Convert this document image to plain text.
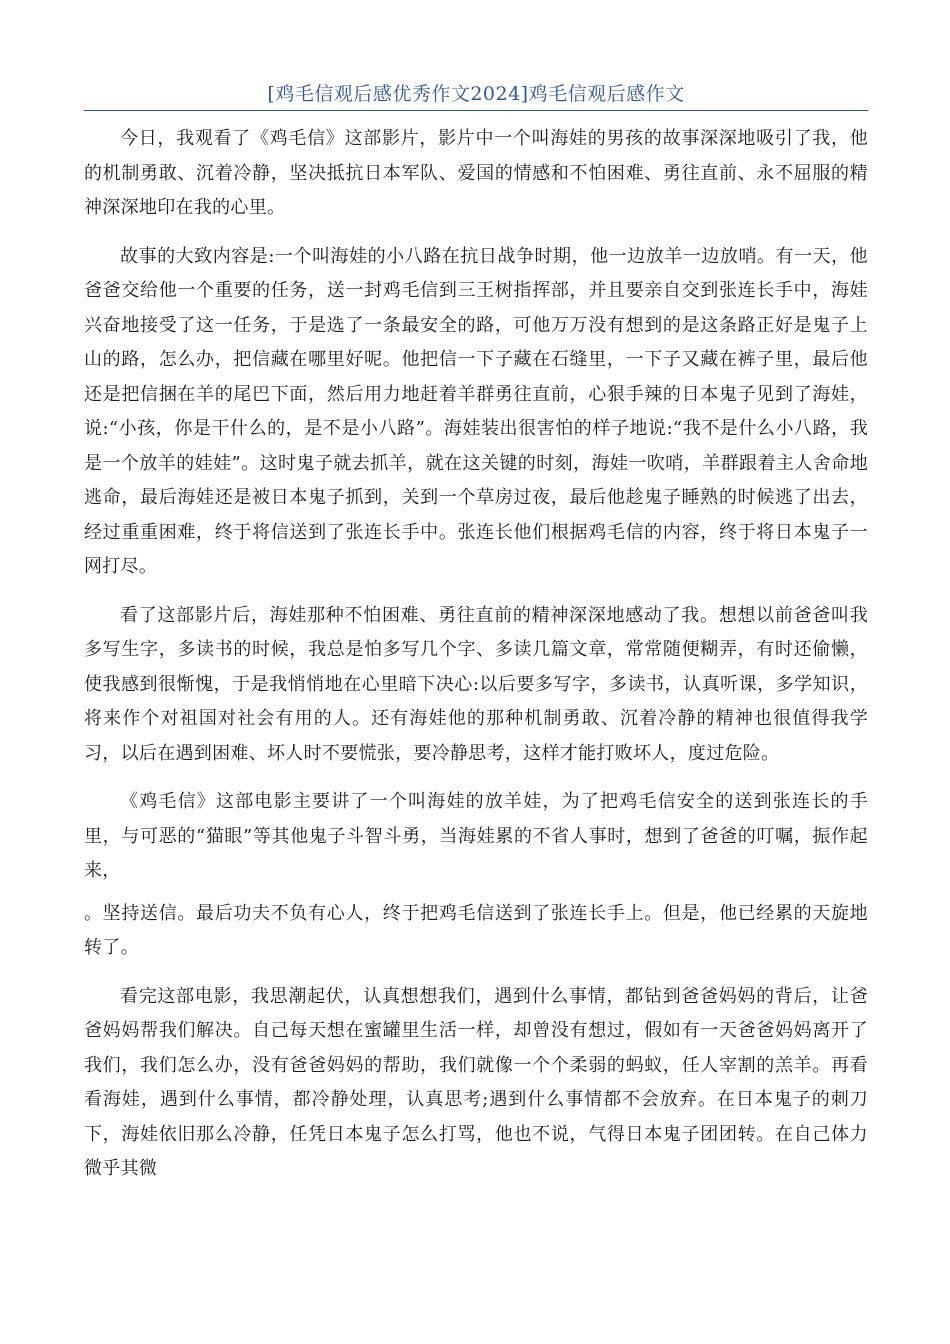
[鸡毛信观后感优秀作文2024]鸡毛信观后感作文

今日，我观看了《鸡毛信》这部影片，影片中一个叫海娃的男孩的故事深深地吸引了我，他的机制勇敢、沉着冷静，坚决抵抗日本军队、爱国的情感和不怕困难、勇往直前、永不屈服的精神深深地印在我的心里。

故事的大致内容是:一个叫海娃的小八路在抗日战争时期，他一边放羊一边放哨。有一天，他爸爸交给他一个重要的任务，送一封鸡毛信到三王树指挥部，并且要亲自交到张连长手中，海娃兴奋地接受了这一任务，于是选了一条最安全的路，可他万万没有想到的是这条路正好是鬼子上山的路，怎么办，把信藏在哪里好呢。他把信一下子藏在石缝里，一下子又藏在裤子里，最后他还是把信捆在羊的尾巴下面，然后用力地赶着羊群勇往直前，心狠手辣的日本鬼子见到了海娃，说:“小孩，你是干什么的，是不是小八路”。海娃装出很害怕的样子地说:“我不是什么小八路，我是一个放羊的娃娃”。这时鬼子就去抓羊，就在这关键的时刻，海娃一吹哨，羊群跟着主人舍命地逃命，最后海娃还是被日本鬼子抓到，关到一个草房过夜，最后他趁鬼子睡熟的时候逃了出去，经过重重困难，终于将信送到了张连长手中。张连长他们根据鸡毛信的内容，终于将日本鬼子一网打尽。

看了这部影片后，海娃那种不怕困难、勇往直前的精神深深地感动了我。想想以前爸爸叫我多写生字，多读书的时候，我总是怕多写几个字、多读几篇文章，常常随便糊弄，有时还偷懒，使我感到很惭愧，于是我悄悄地在心里暗下决心:以后要多写字，多读书，认真听课，多学知识，将来作个对祖国对社会有用的人。还有海娃他的那种机制勇敢、沉着冷静的精神也很值得我学习，以后在遇到困难、坏人时不要慌张，要冷静思考，这样才能打败坏人，度过危险。

《鸡毛信》这部电影主要讲了一个叫海娃的放羊娃，为了把鸡毛信安全的送到张连长的手里，与可恶的“猫眼”等其他鬼子斗智斗勇，当海娃累的不省人事时，想到了爸爸的叮嘱，振作起来，

。坚持送信。最后功夫不负有心人，终于把鸡毛信送到了张连长手上。但是，他已经累的天旋地转了。

看完这部电影，我思潮起伏，认真想想我们，遇到什么事情，都钻到爸爸妈妈的背后，让爸爸妈妈帮我们解决。自己每天想在蜜罐里生活一样，却曾没有想过，假如有一天爸爸妈妈离开了我们，我们怎么办，没有爸爸妈妈的帮助，我们就像一个个柔弱的蚂蚁，任人宰割的羔羊。再看看海娃，遇到什么事情，都冷静处理，认真思考;遇到什么事情都不会放弃。在日本鬼子的刺刀下，海娃依旧那么冷静，任凭日本鬼子怎么打骂，他也不说，气得日本鬼子团团转。在自己体力微乎其微
